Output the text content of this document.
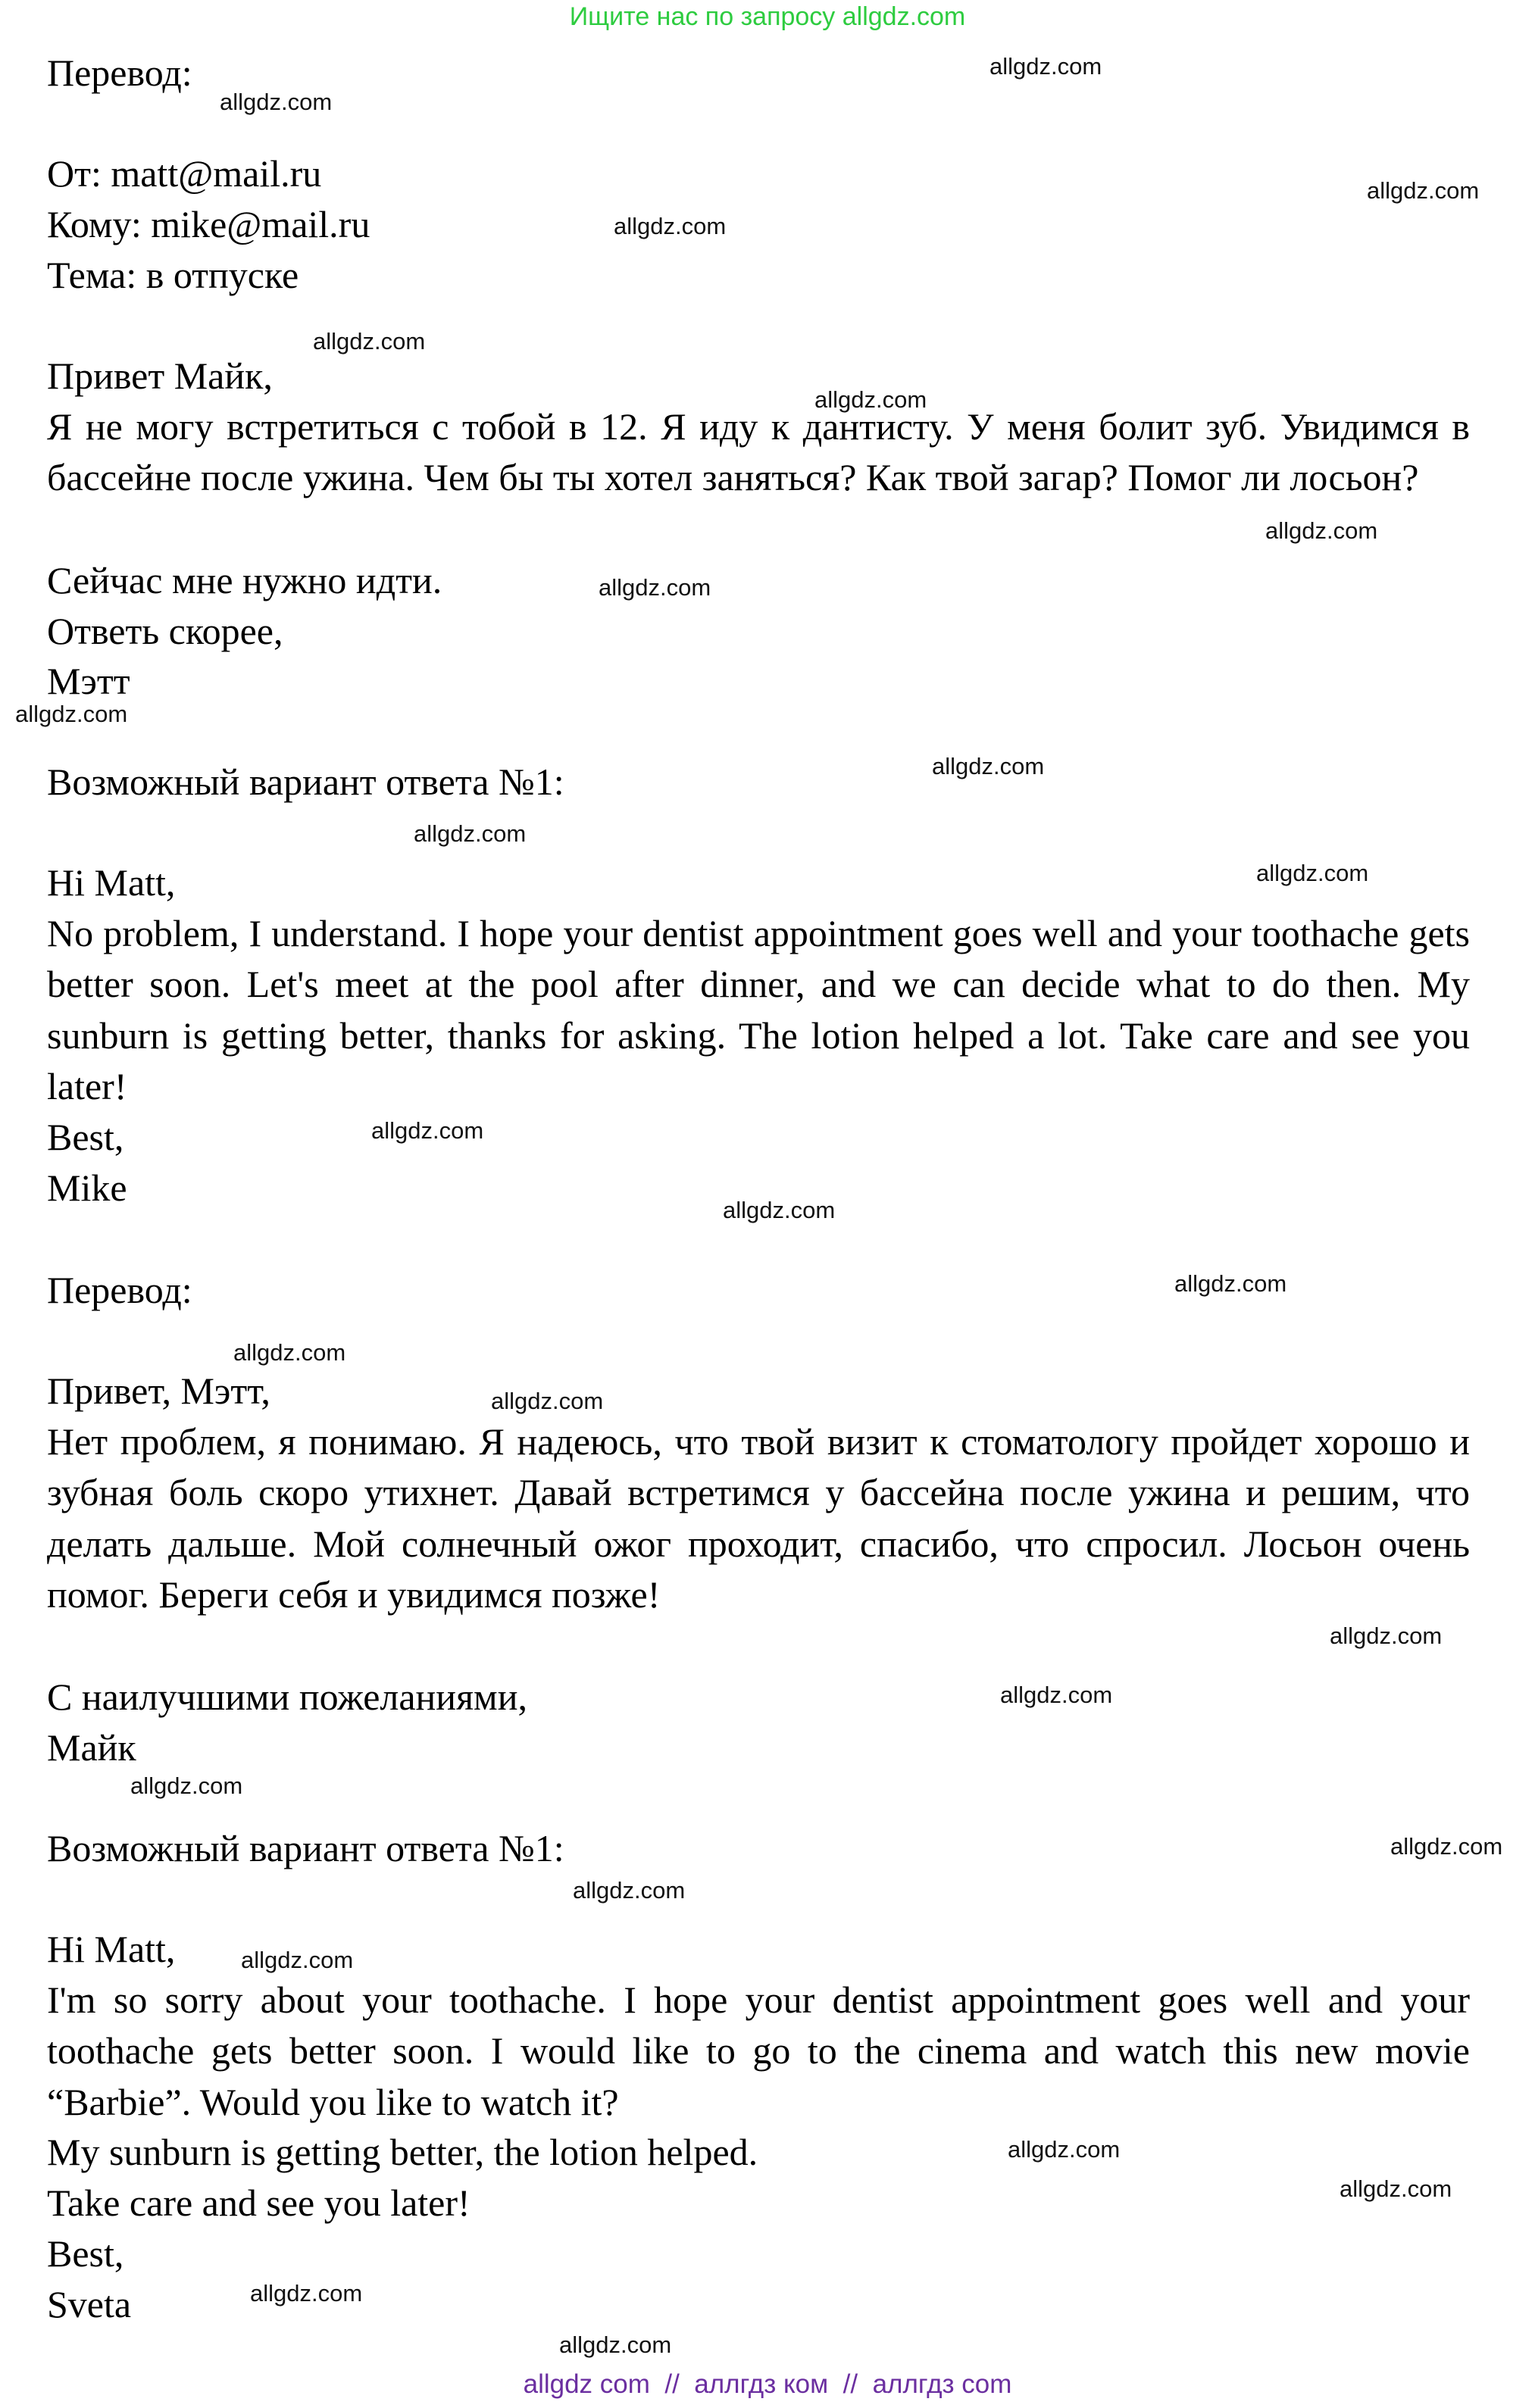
Ищите нас по запросу allgdz.com

Перевод:

От: matt@mail.ru

Кому: mike@mail.ru

Тема: в отпуске

Привет Майк,

Я не могу встретиться с тобой в 12. Я иду к дантисту. У меня болит зуб. Увидимся в бассейне после ужина. Чем бы ты хотел заняться? Как твой загар? Помог ли лосьон?

Сейчас мне нужно идти.

Ответь скорее,

Мэтт

Возможный вариант ответа №1:

Hi Matt,

No problem, I understand. I hope your dentist appointment goes well and your toothache gets better soon. Let's meet at the pool after dinner, and we can decide what to do then. My sunburn is getting better, thanks for asking. The lotion helped a lot. Take care and see you later!

Best,

Mike

Перевод:

Привет, Мэтт,

Нет проблем, я понимаю. Я надеюсь, что твой визит к стоматологу пройдет хорошо и зубная боль скоро утихнет. Давай встретимся у бассейна после ужина и решим, что делать дальше. Мой солнечный ожог проходит, спасибо, что спросил. Лосьон очень помог. Береги себя и увидимся позже!

С наилучшими пожеланиями,

Майк

Возможный вариант ответа №1:

Hi Matt,

I'm so sorry about your toothache. I hope your dentist appointment goes well and your toothache gets better soon. I would like to go to the cinema and watch this new movie “Barbie”. Would you like to watch it?

My sunburn is getting better, the lotion helped.

Take care and see you later!

Best,

Sveta

allgdz.com
allgdz.com
allgdz.com
allgdz.com
allgdz.com
allgdz.com
allgdz.com
allgdz.com
allgdz.com
allgdz.com
allgdz.com
allgdz.com
allgdz.com
allgdz.com
allgdz.com
allgdz.com
allgdz.com
allgdz.com
allgdz.com
allgdz.com
allgdz.com
allgdz.com
allgdz.com
allgdz.com
allgdz.com
allgdz.com
allgdz.com
allgdz com  //  аллгдз ком  //  аллгдз com
